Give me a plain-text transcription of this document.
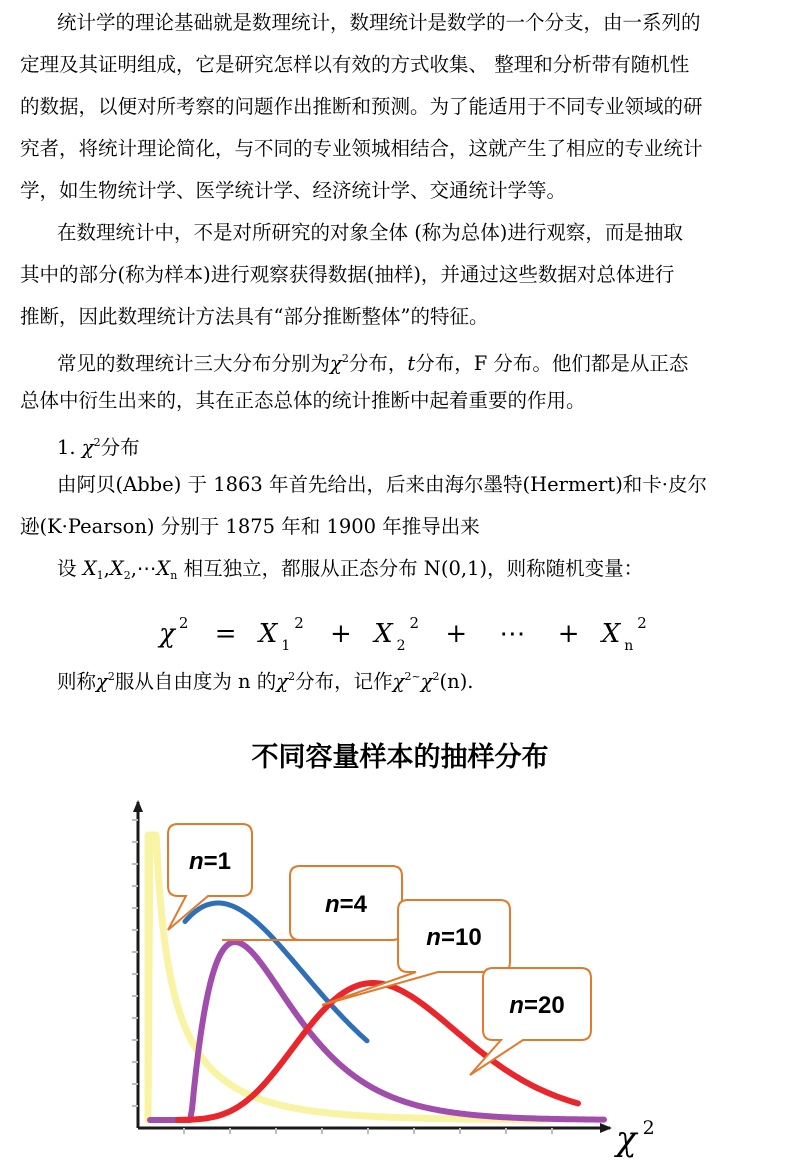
统计学的理论基础就是数理统计，数理统计是数学的一个分支，由一系列的
定理及其证明组成，它是研究怎样以有效的方式收集、 整理和分析带有随机性
的数据，以便对所考察的问题作出推断和预测。为了能适用于不同专业领域的研
究者，将统计理论简化，与不同的专业领城相结合，这就产生了相应的专业统计
学，如生物统计学、医学统计学、经济统计学、交通统计学等。
在数理统计中，不是对所研究的对象全体 (称为总体)进行观察，而是抽取
其中的部分(称为样本)进行观察获得数据(抽样)，并通过这些数据对总体进行
推断，因此数理统计方法具有“部分推断整体”的特征。
常见的数理统计三大分布分别为$\chi^2$分布，t分布，F 分布。他们都是从正态
总体中衍生出来的，其在正态总体的统计推断中起着重要的作用。
1. $\chi^2$分布
由阿贝(Abbe) 于 1863 年首先给出，后来由海尔墨特(Hermert)和卡·皮尔
逊(K·Pearson) 分别于 1875 年和 1900 年推导出来
设 $X_1,X_2,\cdots X_n$ 相互独立，都服从正态分布 N(0,1)，则称随机变量：
$\chi^2 = X_1^2 + X_2^2$ + ⋯ + $X_n^2$
则称$\chi^2$服从自由度为 n 的$\chi^2$分布，记作$\chi^{2\sim}\chi^2(n)$.
不同容量样本的抽样分布
n=1
n=4
n=10
n=20
χ $^2$
